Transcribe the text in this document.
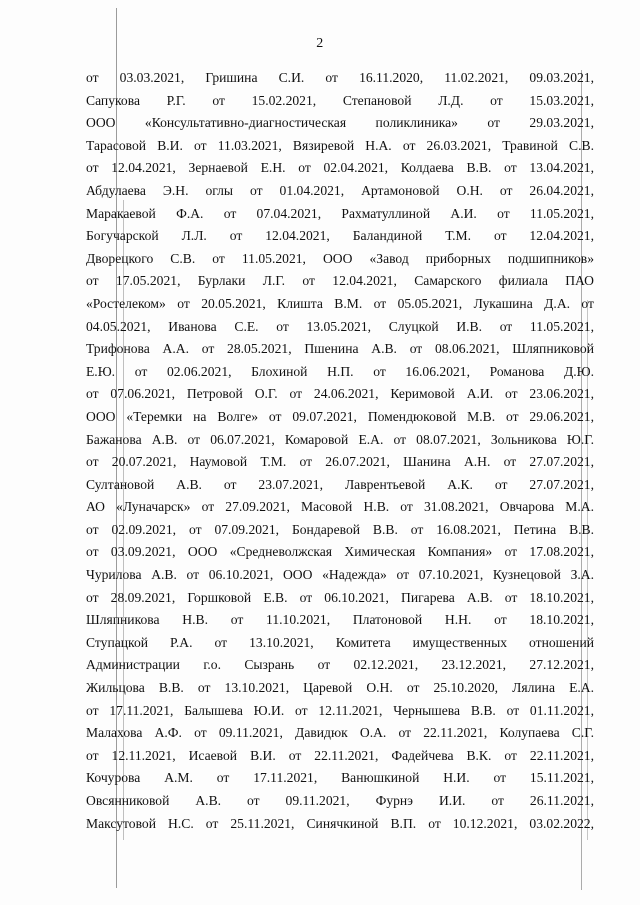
2
от 03.03.2021, Гришина С.И. от 16.11.2020, 11.02.2021, 09.03.2021,
Сапукова Р.Г. от 15.02.2021, Степановой Л.Д. от 15.03.2021,
ООО «Консультативно-диагностическая поликлиника» от 29.03.2021,
Тарасовой В.И. от 11.03.2021, Вязиревой Н.А. от 26.03.2021, Травиной С.В.
от 12.04.2021, Зернаевой Е.Н. от 02.04.2021, Колдаева В.В. от 13.04.2021,
Абдулаева Э.Н. оглы от 01.04.2021, Артамоновой О.Н. от 26.04.2021,
Маракаевой Ф.А. от 07.04.2021, Рахматуллиной А.И. от 11.05.2021,
Богучарской Л.Л. от 12.04.2021, Баландиной Т.М. от 12.04.2021,
Дворецкого С.В. от 11.05.2021, ООО «Завод приборных подшипников»
от 17.05.2021, Бурлаки Л.Г. от 12.04.2021, Самарского филиала ПАО
«Ростелеком» от 20.05.2021, Клишта В.М. от 05.05.2021, Лукашина Д.А. от
04.05.2021, Иванова С.Е. от 13.05.2021, Слуцкой И.В. от 11.05.2021,
Трифонова А.А. от 28.05.2021, Пшенина А.В. от 08.06.2021, Шляпниковой
Е.Ю. от 02.06.2021, Блохиной Н.П. от 16.06.2021, Романова Д.Ю.
от 07.06.2021, Петровой О.Г. от 24.06.2021, Керимовой А.И. от 23.06.2021,
ООО «Теремки на Волге» от 09.07.2021, Помендюковой М.В. от 29.06.2021,
Бажанова А.В. от 06.07.2021, Комаровой Е.А. от 08.07.2021, Зольникова Ю.Г.
от 20.07.2021, Наумовой Т.М. от 26.07.2021, Шанина А.Н. от 27.07.2021,
Султановой А.В. от 23.07.2021, Лаврентьевой А.К. от 27.07.2021,
АО «Луначарск» от 27.09.2021, Масовой Н.В. от 31.08.2021, Овчарова М.А.
от 02.09.2021, от 07.09.2021, Бондаревой В.В. от 16.08.2021, Петина В.В.
от 03.09.2021, ООО «Средневолжская Химическая Компания» от 17.08.2021,
Чурилова А.В. от 06.10.2021, ООО «Надежда» от 07.10.2021, Кузнецовой З.А.
от 28.09.2021, Горшковой Е.В. от 06.10.2021, Пигарева А.В. от 18.10.2021,
Шляпникова Н.В. от 11.10.2021, Платоновой Н.Н. от 18.10.2021,
Ступацкой Р.А. от 13.10.2021, Комитета имущественных отношений
Администрации г.о. Сызрань от 02.12.2021, 23.12.2021, 27.12.2021,
Жильцова В.В. от 13.10.2021, Царевой О.Н. от 25.10.2020, Лялина Е.А.
от 17.11.2021, Балышева Ю.И. от 12.11.2021, Чернышева В.В. от 01.11.2021,
Малахова А.Ф. от 09.11.2021, Давидюк О.А. от 22.11.2021, Колупаева С.Г.
от 12.11.2021, Исаевой В.И. от 22.11.2021, Фадейчева В.К. от 22.11.2021,
Кочурова А.М. от 17.11.2021, Ванюшкиной Н.И. от 15.11.2021,
Овсянниковой А.В. от 09.11.2021, Фурнэ И.И. от 26.11.2021,
Максутовой Н.С. от 25.11.2021, Синячкиной В.П. от 10.12.2021, 03.02.2022,
